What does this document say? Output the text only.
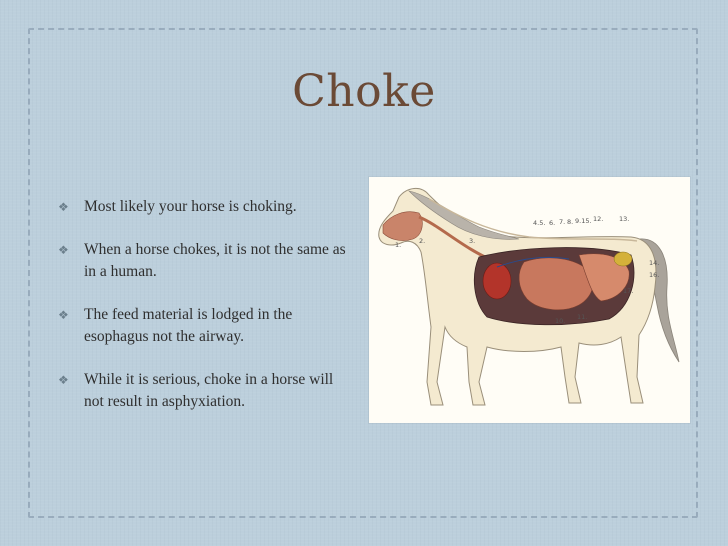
Choke
❖ Most likely your horse is choking.
❖ When a horse chokes, it is not the same as in a human.
❖ The feed material is lodged in the esophagus not the airway.
❖ While it is serious, choke in a horse will not result in asphyxiation.
1.	2.	3.
4.5. 6. 7. 8. 9.15. 12. 13.
14.
16.
17.
10. 11.
